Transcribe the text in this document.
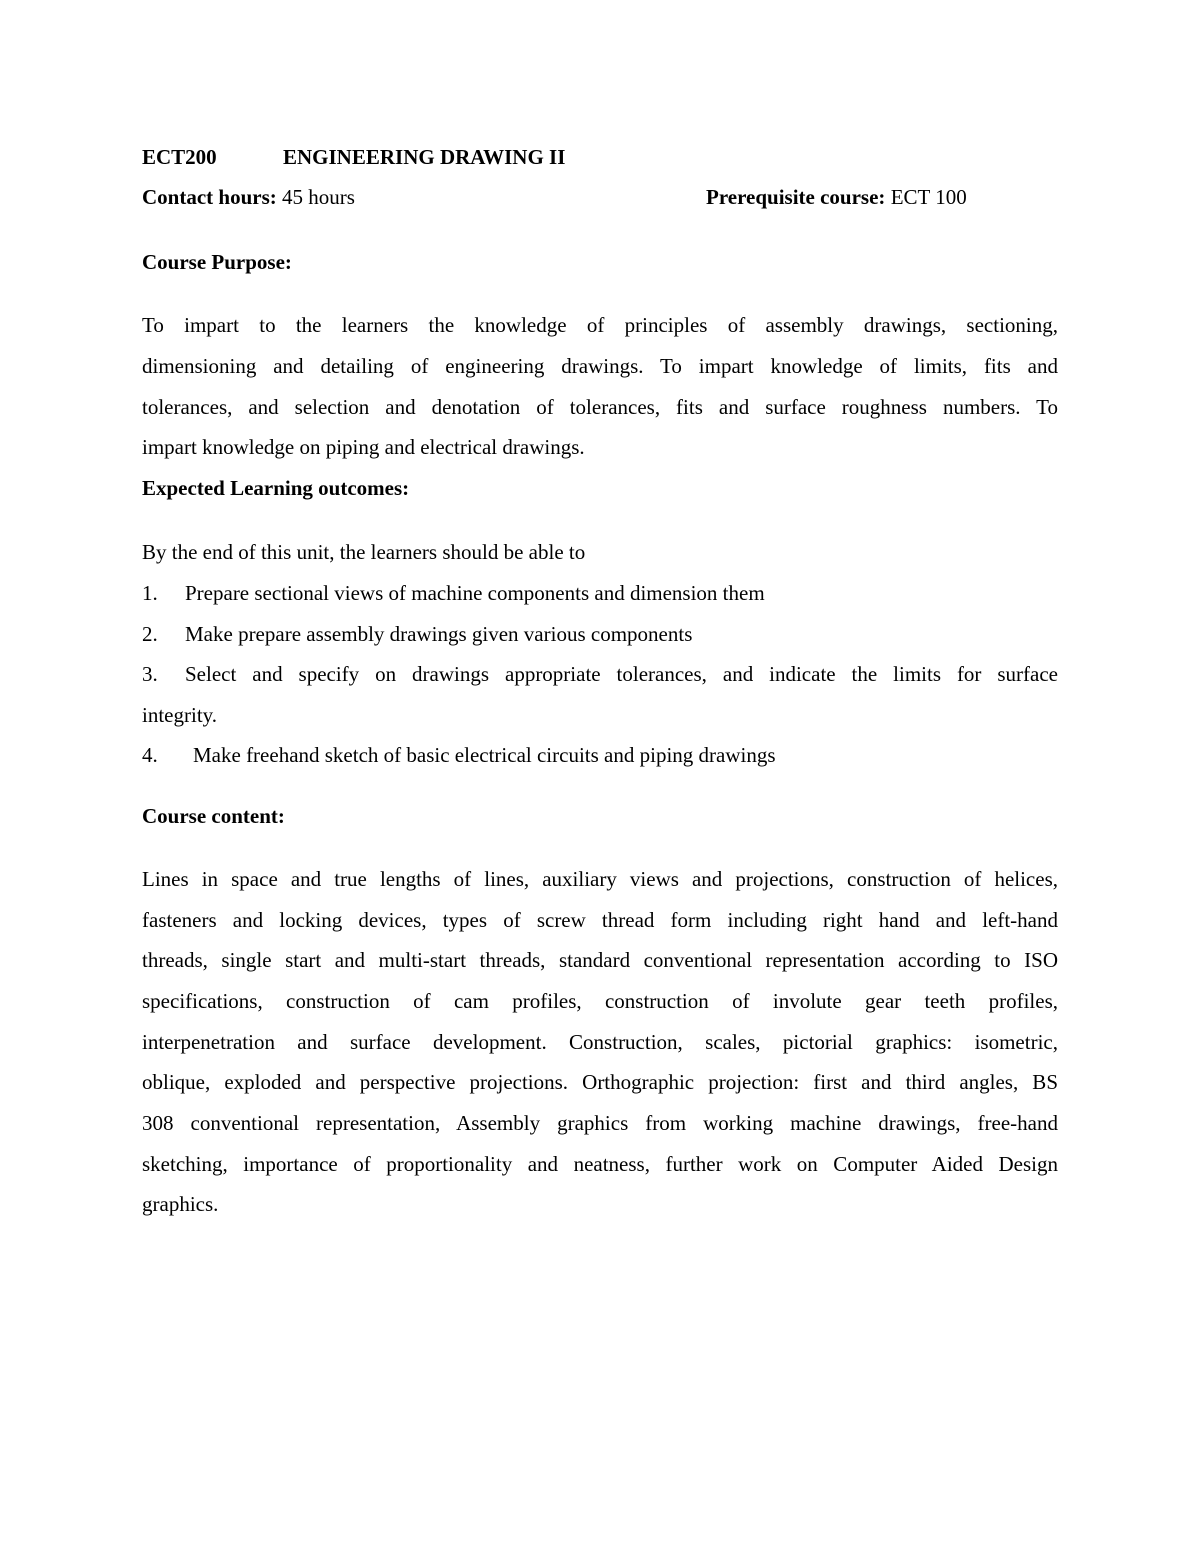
ECT200	ENGINEERING DRAWING II
Contact hours: 45 hours	Prerequisite course: ECT 100
Course Purpose:
To impart to the learners the knowledge of principles of assembly drawings, sectioning,
dimensioning and detailing of engineering drawings. To impart knowledge of limits, fits and
tolerances, and selection and denotation of tolerances, fits and surface roughness numbers. To
impart knowledge on piping and electrical drawings.
Expected Learning outcomes:
By the end of this unit, the learners should be able to
1. Prepare sectional views of machine components and dimension them
2. Make prepare assembly drawings given various components
3. Select and specify on drawings appropriate tolerances, and indicate the limits for surface
integrity.
4. Make freehand sketch of basic electrical circuits and piping drawings
Course content:
Lines in space and true lengths of lines, auxiliary views and projections, construction of helices,
fasteners and locking devices, types of screw thread form including right hand and left-hand
threads, single start and multi-start threads, standard conventional representation according to ISO
specifications, construction of cam profiles, construction of involute gear teeth profiles,
interpenetration and surface development. Construction, scales, pictorial graphics: isometric,
oblique, exploded and perspective projections. Orthographic projection: first and third angles, BS
308 conventional representation, Assembly graphics from working machine drawings, free-hand
sketching, importance of proportionality and neatness, further work on Computer Aided Design
graphics.
